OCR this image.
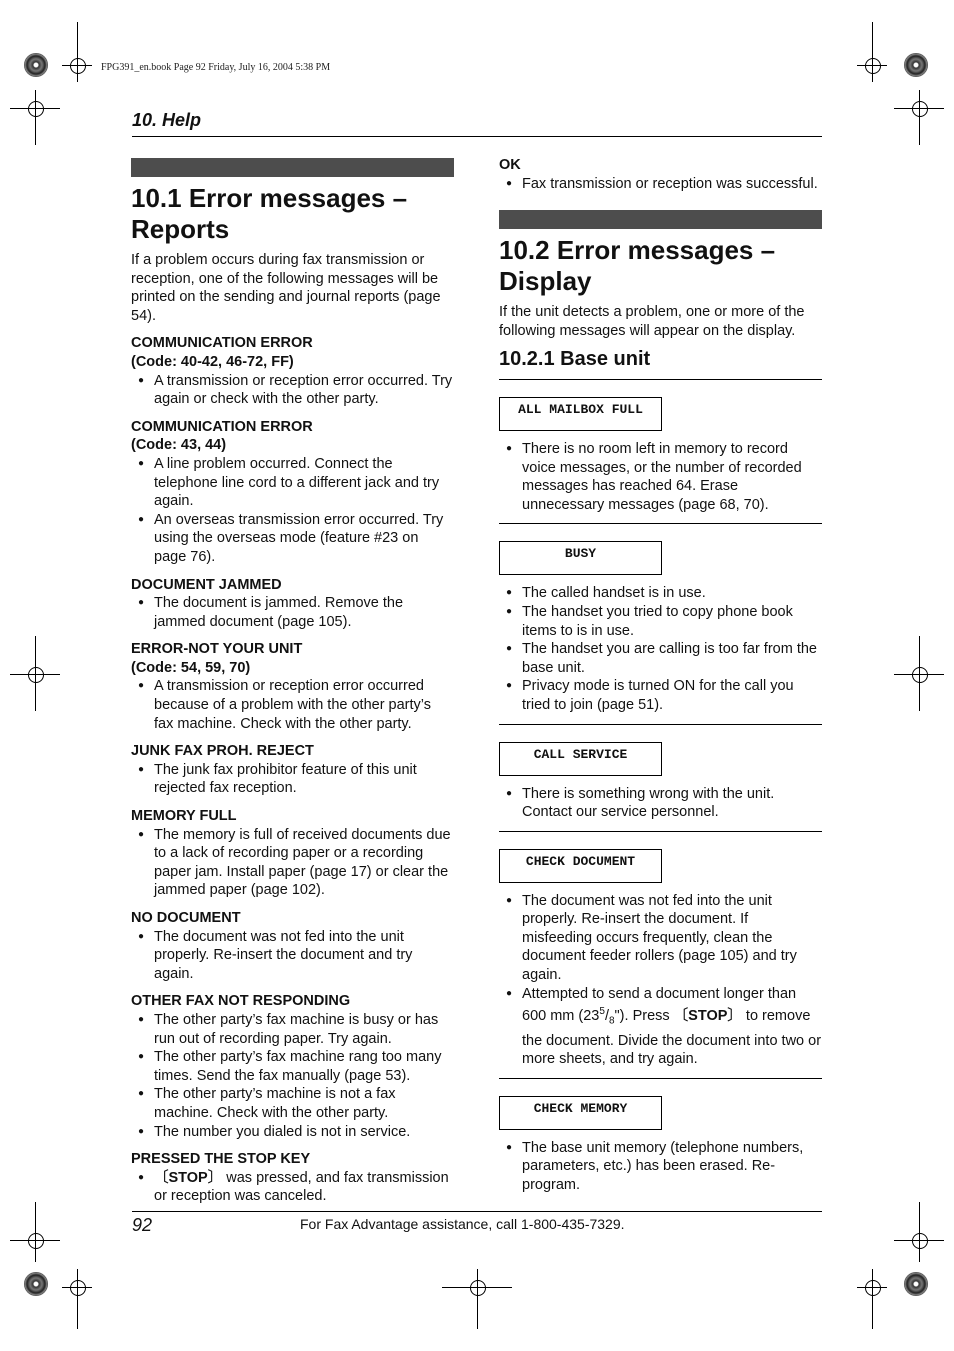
FPG391_en.book Page 92 Friday, July 16, 2004 5:38 PM
10. Help
10.1 Error messages – Reports

If a problem occurs during fax transmission or reception, one of the following messages will be printed on the sending and journal reports (page 54).

COMMUNICATION ERROR
(Code: 40-42, 46-72, FF)
● A transmission or reception error occurred. Try again or check with the other party.
COMMUNICATION ERROR
(Code: 43, 44)
● A line problem occurred. Connect the telephone line cord to a different jack and try again.
● An overseas transmission error occurred. Try using the overseas mode (feature #23 on page 76).
DOCUMENT JAMMED
● The document is jammed. Remove the jammed document (page 105).
ERROR-NOT YOUR UNIT
(Code: 54, 59, 70)
● A transmission or reception error occurred because of a problem with the other party’s fax machine. Check with the other party.
JUNK FAX PROH. REJECT
● The junk fax prohibitor feature of this unit rejected fax reception.
MEMORY FULL
● The memory is full of received documents due to a lack of recording paper or a recording paper jam. Install paper (page 17) or clear the jammed paper (page 102).
NO DOCUMENT
● The document was not fed into the unit properly. Re-insert the document and try again.
OTHER FAX NOT RESPONDING
● The other party’s fax machine is busy or has run out of recording paper. Try again.
● The other party’s fax machine rang too many times. Send the fax manually (page 53).
● The other party’s machine is not a fax machine. Check with the other party.
● The number you dialed is not in service.
PRESSED THE STOP KEY
● 〔STOP〕 was pressed, and fax transmission or reception was canceled.
OK
● Fax transmission or reception was successful.
10.2 Error messages – Display

If the unit detects a problem, one or more of the following messages will appear on the display.

10.2.1 Base unit
ALL MAILBOX FULL
● There is no room left in memory to record voice messages, or the number of recorded messages has reached 64. Erase unnecessary messages (page 68, 70).
BUSY
● The called handset is in use.
● The handset you tried to copy phone book items to is in use.
● The handset you are calling is too far from the base unit.
● Privacy mode is turned ON for the call you tried to join (page 51).
CALL SERVICE
● There is something wrong with the unit. Contact our service personnel.
CHECK DOCUMENT
● The document was not fed into the unit properly. Re-insert the document. If misfeeding occurs frequently, clean the document feeder rollers (page 105) and try again.
● Attempted to send a document longer than 600 mm $(23^5/_8")$. Press 〔STOP〕 to remove the document. Divide the document into two or more sheets, and try again.
CHECK MEMORY
● The base unit memory (telephone numbers, parameters, etc.) has been erased. Re-program.
92	For Fax Advantage assistance, call 1-800-435-7329.
